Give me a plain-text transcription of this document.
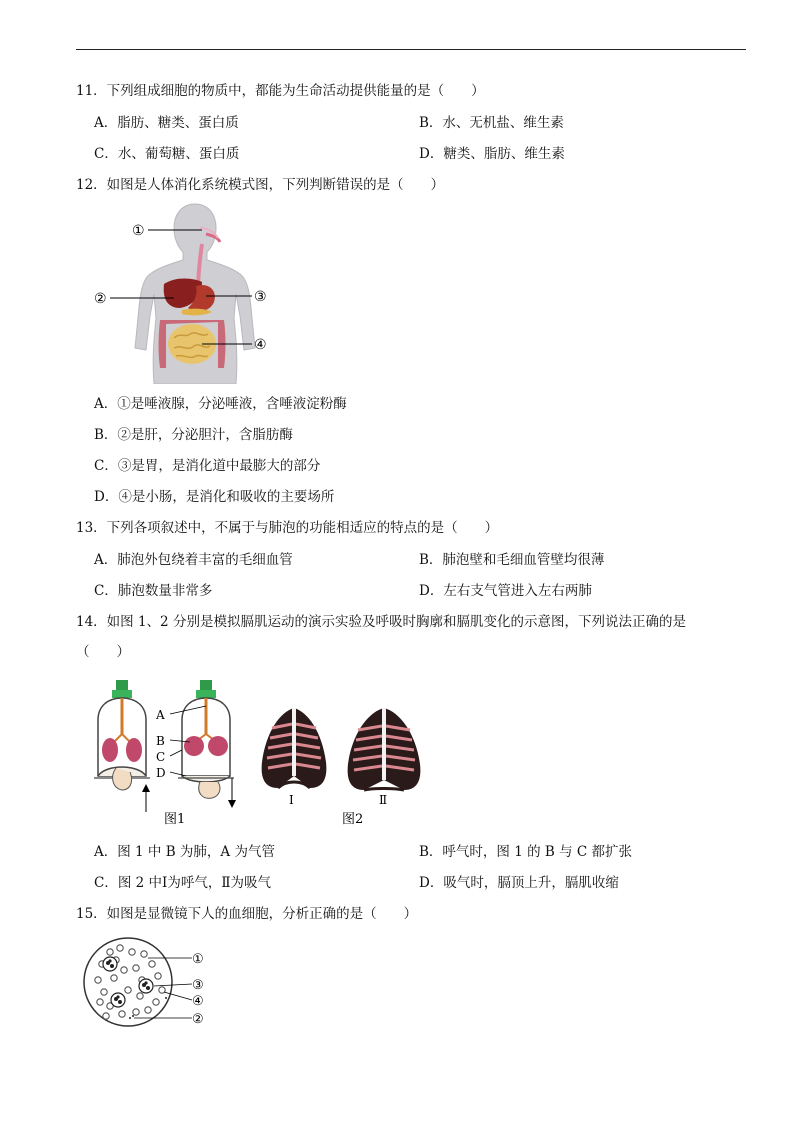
11．下列组成细胞的物质中，都能为生命活动提供能量的是（　　）
A．脂肪、糖类、蛋白质	B．水、无机盐、维生素
C．水、葡萄糖、蛋白质	D．糖类、脂肪、维生素
12．如图是人体消化系统模式图，下列判断错误的是（　　）
①
②	③
④
A．①是唾液腺，分泌唾液，含唾液淀粉酶
B．②是肝，分泌胆汁，含脂肪酶
C．③是胃，是消化道中最膨大的部分
D．④是小肠，是消化和吸收的主要场所
13．下列各项叙述中，不属于与肺泡的功能相适应的特点的是（　　）
A．肺泡外包绕着丰富的毛细血管	B．肺泡壁和毛细血管壁均很薄
C．肺泡数量非常多	D．左右支气管进入左右两肺
14．如图 1、2 分别是模拟膈肌运动的演示实验及呼吸时胸廓和膈肌变化的示意图，下列说法正确的是
（　　）
A
B
C
D
Ⅰ	Ⅱ
图1	图2
A．图 1 中 B 为肺，A 为气管	B．呼气时，图 1 的 B 与 C 都扩张
C．图 2 中Ⅰ为呼气，Ⅱ为吸气	D．吸气时，膈顶上升，膈肌收缩
15．如图是显微镜下人的血细胞，分析正确的是（　　）
①
③
④
②
